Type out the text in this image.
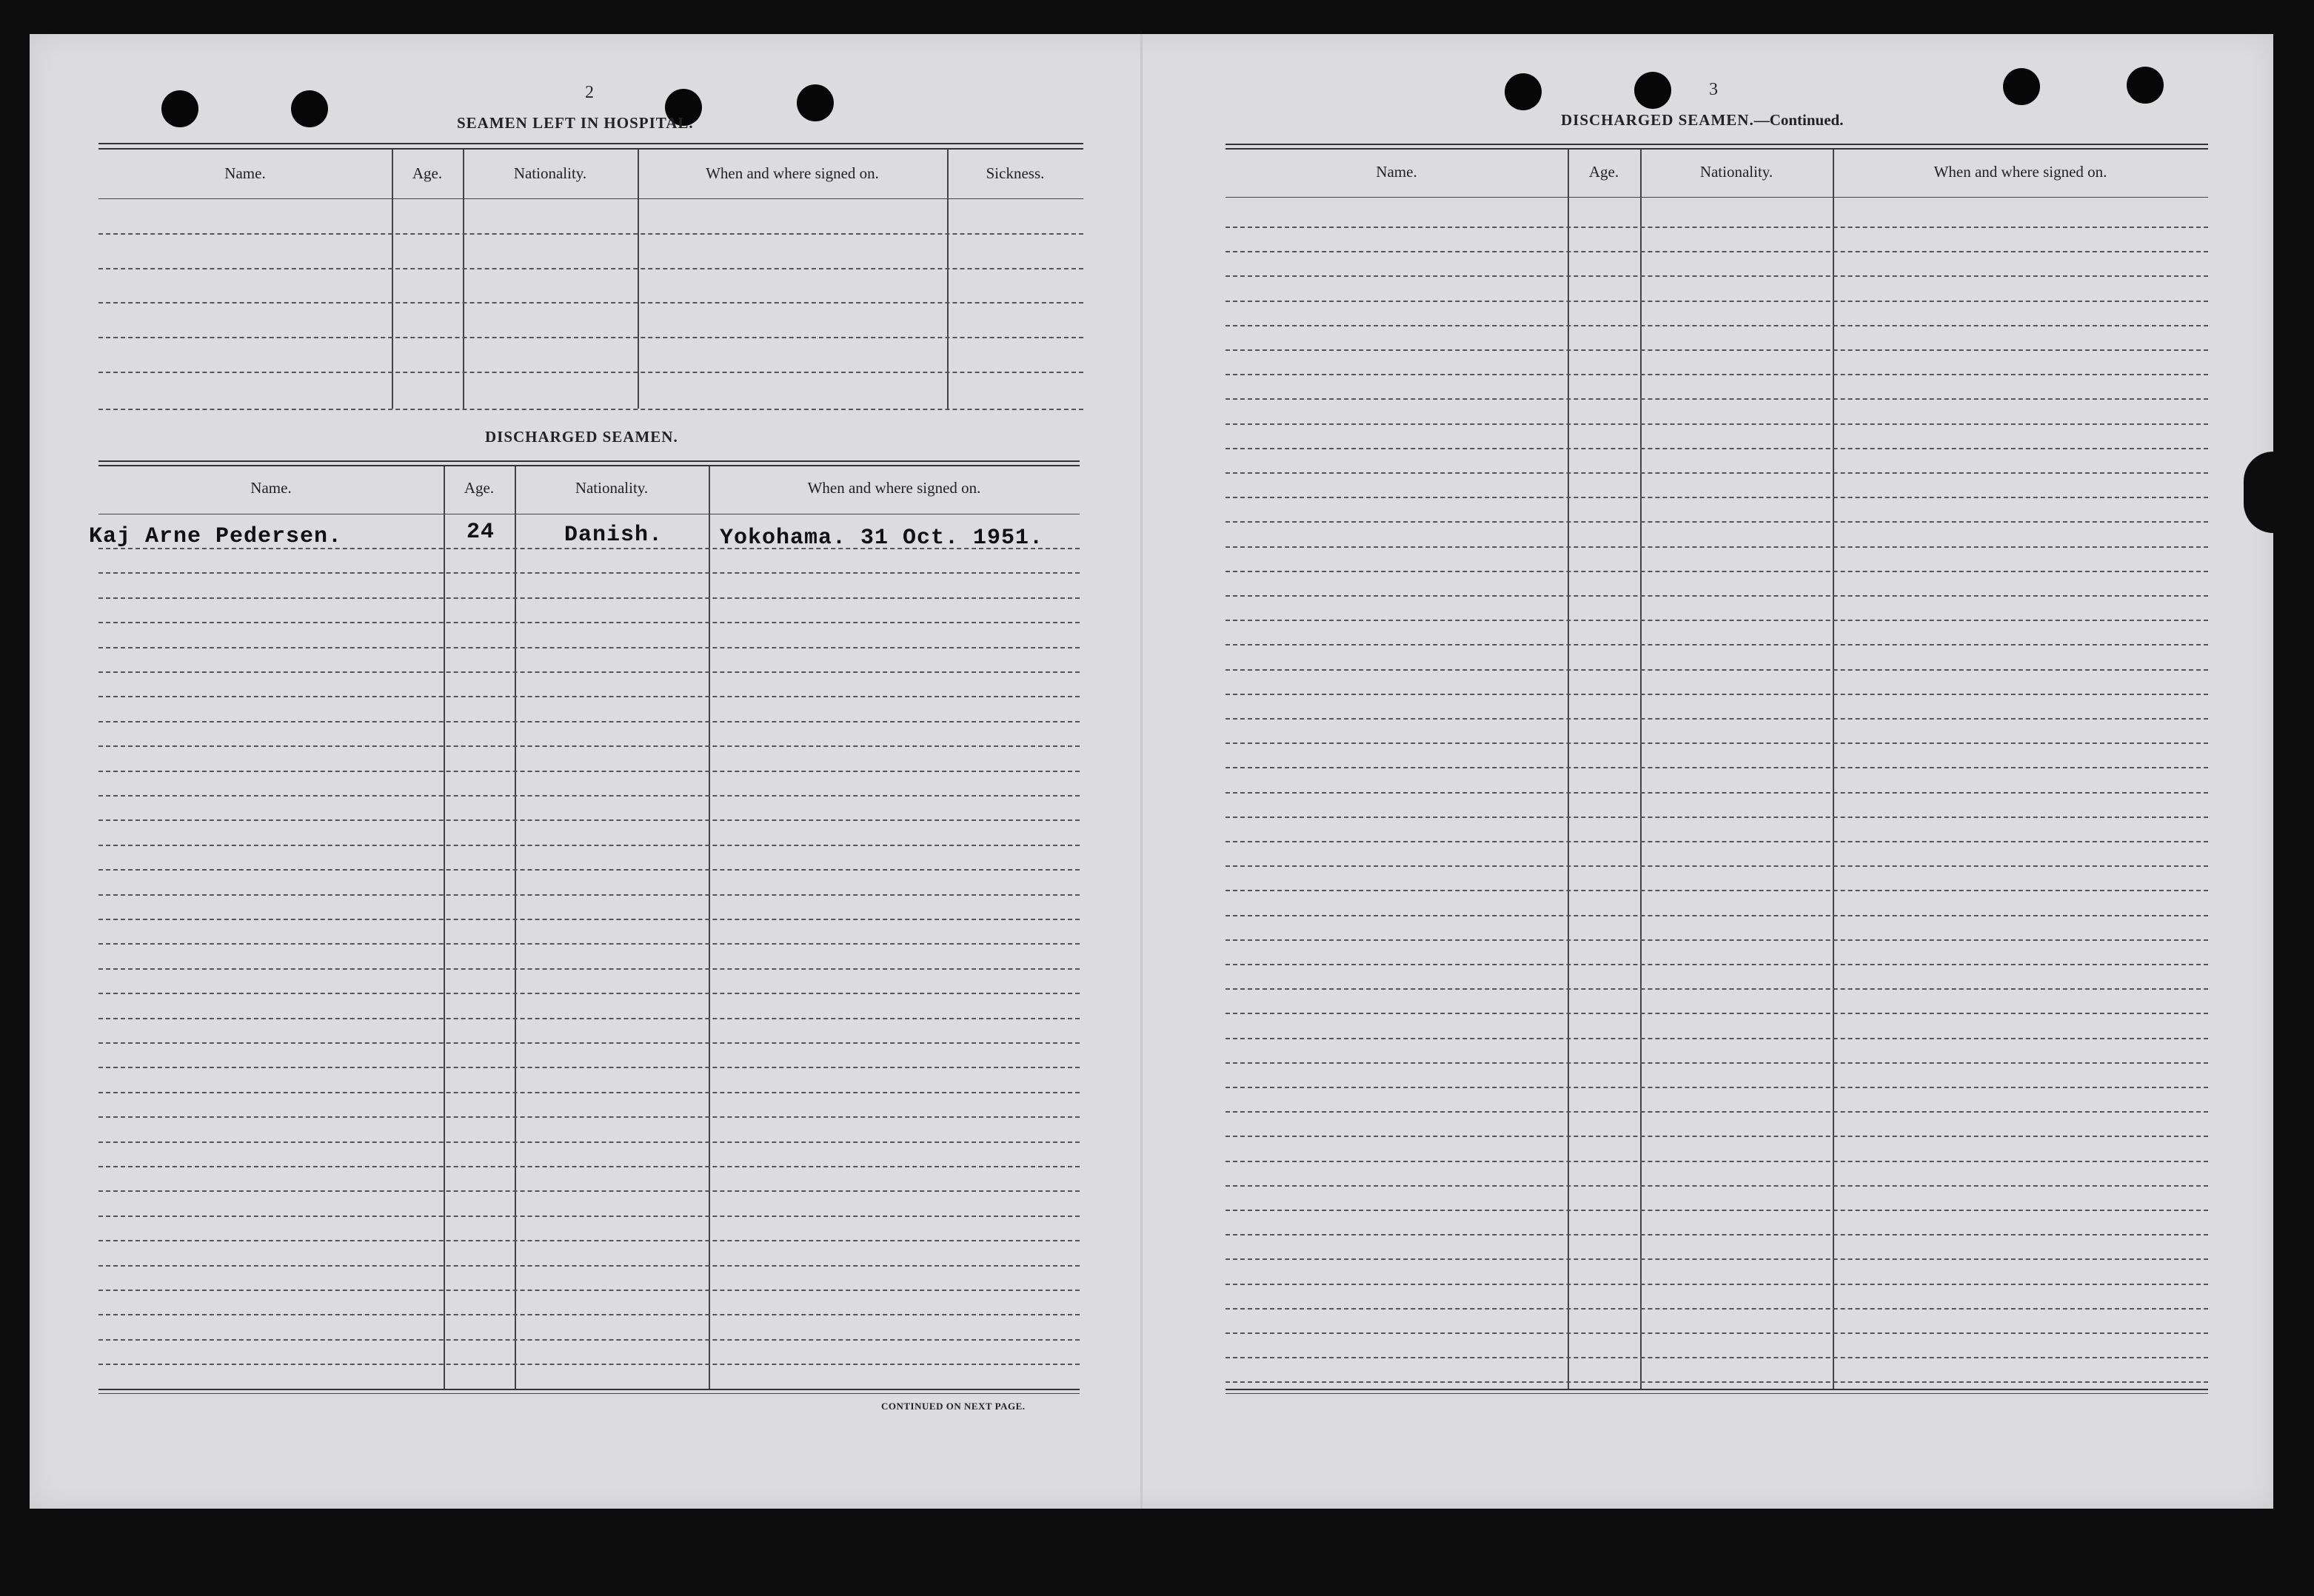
2
SEAMEN LEFT IN HOSPITAL.
Name.	Age.	Nationality.	When and where signed on.	Sickness.
DISCHARGED SEAMEN.
Name.	Age.	Nationality.	When and where signed on.
Kaj Arne Pedersen.	24	Danish.	Yokohama. 31 Oct. 1951.
CONTINUED ON NEXT PAGE.
3
DISCHARGED SEAMEN.—Continued.
Name.	Age.	Nationality.	When and where signed on.
